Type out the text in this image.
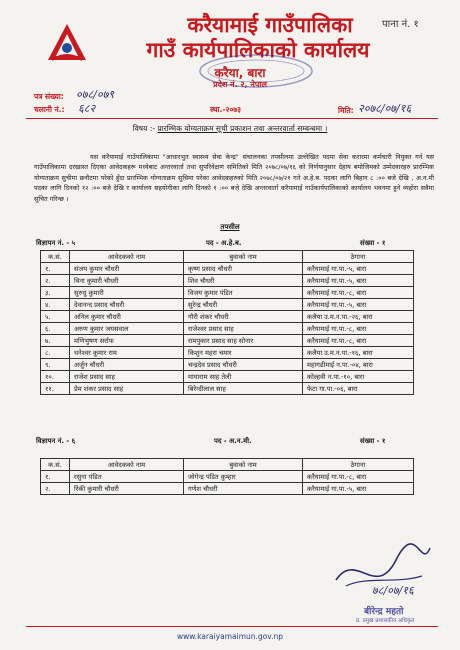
पाना नं. १
करैयामाई गाउँपालिका
गाउँ कार्यपालिकाको कार्यालय
करैया, बारा
प्रदेश नं. २, नेपाल
पत्र संख्या: ०७८/०७९
चलानी नं.: ६८२	स्था.-२०७३	मिति: २०७८/०७/१६
विषय :- प्रारम्भिक योग्यताक्रम सूची प्रकाशन तथा अन्तरवार्ता सम्बन्धमा ।
यस करैयामाई गाउँपालिकामा "आधारभुत स्वास्थ्य सेवा केन्द्र" संचालनका तपसीलमा उल्लेखित पदमा सेवा करारमा कर्मचारी नियुक्त गर्न यस गाउँपालिकामा दरखास्त दिएका आवेदकहरू मध्येबाट अन्तरवार्ता तथा सुपरिवेक्षण समितिको मिति २०७८/०७/१६ को निर्णयानुसार देहाय बमोजिमको उम्मेदवारहरु प्रारम्भिक योग्यताक्रम सुचीमा छनौटमा परेको हुँदा प्रारम्भिक योग्यताक्रम सुचिमा परेका आवेदकहरुको मिति २०७८/०७/२१ गते अ.हे.ब. पदका लागि बिहान ८ :०० बजे देखि , अ.न.मी पदका लागि दिनको १२ :०० बजे देखि र कार्यालय सहयोगीका लागि दिनको १ :०० बजे देखि अन्तरवार्ता करैयामाई गाउँकार्यपालिकाको कार्यालय भवनमा हुने व्यहोरा सवैमा सुचित गरिन्छ ।
तपसील
विज्ञापन नं. - ५	पद - अ.हे.ब.	संख्या - १
क.सं.	आवेदकको नाम	बुवाको नाम	ठेगाना
१.	संजय कुमार चौधरी	कृष्ण प्रसाद चौधरी	करैयामाई गा.पा.-५, बारा
२.	विना कुमारी चौधरी	शिव चौधरी	करैयामाई गा.पा.-५, बारा
३.	सुरुधु कुमारी	विजय कुमार पंडित	करैयामाई गा.पा.-८, बारा
४.	देवानन्द प्रसाद चौधरी	सुरेन्द्र चौधरी	करैयामाई गा.पा.-५, बारा
५.	अनिल कुमार चौधरी	गौरी शंकर चौधरी	कलैया उ.म.न.पा.-२६, बारा
६.	अरुण कुमार जयसवाल	राजेश्वर प्रसाद साह	करैयामाई गा.पा.-८, बारा
७.	मणिभुषण सर्राफ	रामपुकार प्रसाद साह सोनार	करैयामाई गा.पा.-८, बारा
८.	धनेश्वर कुमार राम	किशुन महरा चमार	कलैया उ.म.न.पा.-१६, बारा
९.	अर्जुन चौधरी	चन्द्रदेव प्रसाद चौधरी	महागढीमाई न.पा.-०४, बारा
१०.	राजेश प्रसाद साह	मायाराम साह तेली	कोल्हवी न.पा.-१०, बारा
११.	प्रेम शंकर प्रसाद साह	बिरेन्दीलाल साह	फेटा गा.पा.-०६, बारा
विज्ञापन नं. - ६	पद - अ.न.मी.	संख्या - १
क.सं.	आवेदकको नाम	बुवाको नाम	ठेगाना
१.	रसुना पंडित	जोगेन्द्र पंडित कुम्हार	करैयामाई गा.पा.-८, बारा
२.	रिंकी कुमारी चौधरी	गणेश चौधरी	करैयामाई गा.पा.-५, बारा
७८/०७/१६
बीरेन्द्र महतो
प्र. प्रमुख प्रशासकीय अधिकृत
www.karaiyamaimun.gov.np
